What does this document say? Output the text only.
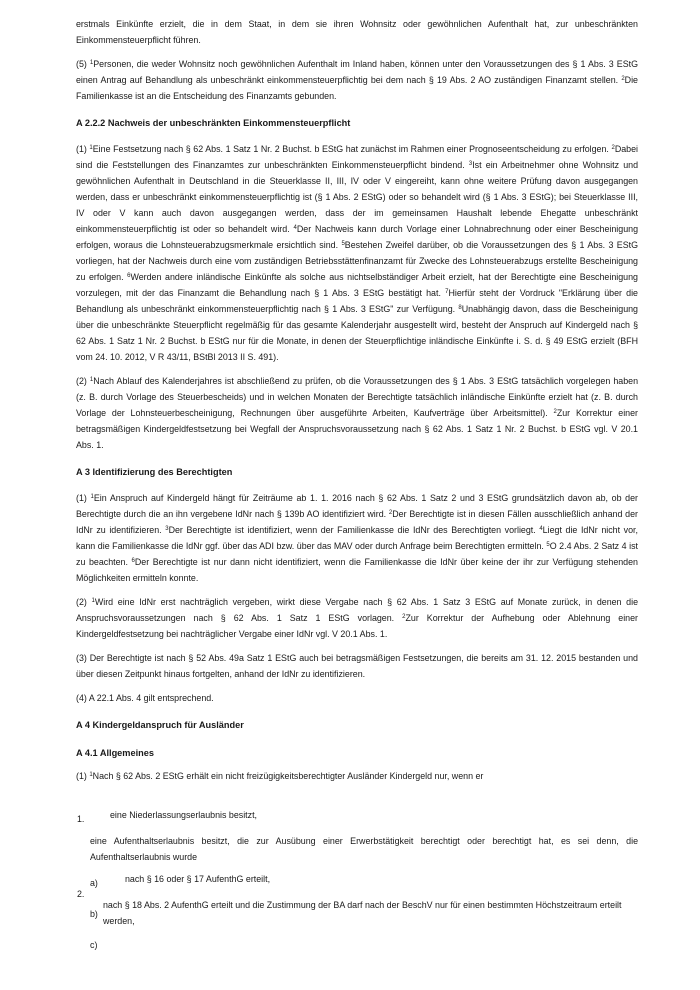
erstmals Einkünfte erzielt, die in dem Staat, in dem sie ihren Wohnsitz oder gewöhnlichen Aufenthalt hat, zur unbeschränkten Einkommensteuerpflicht führen.

(5) $^1$Personen, die weder Wohnsitz noch gewöhnlichen Aufenthalt im Inland haben, können unter den Voraussetzungen des § 1 Abs. 3 EStG einen Antrag auf Behandlung als unbeschränkt einkommensteuerpflichtig bei dem nach § 19 Abs. 2 AO zuständigen Finanzamt stellen. $^2$Die Familienkasse ist an die Entscheidung des Finanzamts gebunden.

A 2.2.2 Nachweis der unbeschränkten Einkommensteuerpflicht

(1) $^1$Eine Festsetzung nach § 62 Abs. 1 Satz 1 Nr. 2 Buchst. b EStG hat zunächst im Rahmen einer Prognoseentscheidung zu erfolgen. $^2$Dabei sind die Feststellungen des Finanzamtes zur unbeschränkten Einkommensteuerpflicht bindend. $^3$Ist ein Arbeitnehmer ohne Wohnsitz und gewöhnlichen Aufenthalt in Deutschland in die Steuerklasse II, III, IV oder V eingereiht, kann ohne weitere Prüfung davon ausgegangen werden, dass er unbeschränkt einkommensteuerpflichtig ist (§ 1 Abs. 2 EStG) oder so behandelt wird (§ 1 Abs. 3 EStG); bei Steuerklasse III, IV oder V kann auch davon ausgegangen werden, dass der im gemeinsamen Haushalt lebende Ehegatte unbeschränkt einkommensteuerpflichtig ist oder so behandelt wird. $^4$Der Nachweis kann durch Vorlage einer Lohnabrechnung oder einer Bescheinigung erfolgen, woraus die Lohnsteuerabzugsmerkmale ersichtlich sind. $^5$Bestehen Zweifel darüber, ob die Voraussetzungen des § 1 Abs. 3 EStG vorliegen, hat der Nachweis durch eine vom zuständigen Betriebsstättenfinanzamt für Zwecke des Lohnsteuerabzugs erstellte Bescheinigung zu erfolgen. $^6$Werden andere inländische Einkünfte als solche aus nichtselbständiger Arbeit erzielt, hat der Berechtigte eine Bescheinigung vorzulegen, mit der das Finanzamt die Behandlung nach § 1 Abs. 3 EStG bestätigt hat. $^7$Hierfür steht der Vordruck "Erklärung über die Behandlung als unbeschränkt einkommensteuerpflichtig nach § 1 Abs. 3 EStG" zur Verfügung. $^8$Unabhängig davon, dass die Bescheinigung über die unbeschränkte Steuerpflicht regelmäßig für das gesamte Kalenderjahr ausgestellt wird, besteht der Anspruch auf Kindergeld nach § 62 Abs. 1 Satz 1 Nr. 2 Buchst. b EStG nur für die Monate, in denen der Steuerpflichtige inländische Einkünfte i. S. d. § 49 EStG erzielt (BFH vom 24. 10. 2012, V R 43/11, BStBl 2013 II S. 491).

(2) $^1$Nach Ablauf des Kalenderjahres ist abschließend zu prüfen, ob die Voraussetzungen des § 1 Abs. 3 EStG tatsächlich vorgelegen haben (z. B. durch Vorlage des Steuerbescheids) und in welchen Monaten der Berechtigte tatsächlich inländische Einkünfte erzielt hat (z. B. durch Vorlage der Lohnsteuerbescheinigung, Rechnungen über ausgeführte Arbeiten, Kaufverträge über Arbeitsmittel). $^2$Zur Korrektur einer betragsmäßigen Kindergeldfestsetzung bei Wegfall der Anspruchsvoraussetzung nach § 62 Abs. 1 Satz 1 Nr. 2 Buchst. b EStG vgl. V 20.1 Abs. 1.

A 3 Identifizierung des Berechtigten

(1) $^1$Ein Anspruch auf Kindergeld hängt für Zeiträume ab 1. 1. 2016 nach § 62 Abs. 1 Satz 2 und 3 EStG grundsätzlich davon ab, ob der Berechtigte durch die an ihn vergebene IdNr nach § 139b AO identifiziert wird. $^2$Der Berechtigte ist in diesen Fällen ausschließlich anhand der IdNr zu identifizieren. $^3$Der Berechtigte ist identifiziert, wenn der Familienkasse die IdNr des Berechtigten vorliegt. $^4$Liegt die IdNr nicht vor, kann die Familienkasse die IdNr ggf. über das ADI bzw. über das MAV oder durch Anfrage beim Berechtigten ermitteln. $^5$O 2.4 Abs. 2 Satz 4 ist zu beachten. $^6$Der Berechtigte ist nur dann nicht identifiziert, wenn die Familienkasse die IdNr über keine der ihr zur Verfügung stehenden Möglichkeiten ermitteln konnte.

(2) $^1$Wird eine IdNr erst nachträglich vergeben, wirkt diese Vergabe nach § 62 Abs. 1 Satz 3 EStG auf Monate zurück, in denen die Anspruchsvoraussetzungen nach § 62 Abs. 1 Satz 1 EStG vorlagen. $^2$Zur Korrektur der Aufhebung oder Ablehnung einer Kindergeldfestsetzung bei nachträglicher Vergabe einer IdNr vgl. V 20.1 Abs. 1.

(3) Der Berechtigte ist nach § 52 Abs. 49a Satz 1 EStG auch bei betragsmäßigen Festsetzungen, die bereits am 31. 12. 2015 bestanden und über diesen Zeitpunkt hinaus fortgelten, anhand der IdNr zu identifizieren.

(4) A 22.1 Abs. 4 gilt entsprechend.

A 4 Kindergeldanspruch für Ausländer
A 4.1 Allgemeines

(1) $^1$Nach § 62 Abs. 2 EStG erhält ein nicht freizügigkeitsberechtigter Ausländer Kindergeld nur, wenn er

1.	eine Niederlassungserlaubnis besitzt,
eine Aufenthaltserlaubnis besitzt, die zur Ausübung einer Erwerbstätigkeit berechtigt oder berechtigt hat, es sei denn, die Aufenthaltserlaubnis wurde
a)	nach § 16 oder § 17 AufenthG erteilt,
2.
b)
nach § 18 Abs. 2 AufenthG erteilt und die Zustimmung der BA darf nach der BeschV nur für einen bestimmten Höchstzeitraum erteilt werden,
c)
